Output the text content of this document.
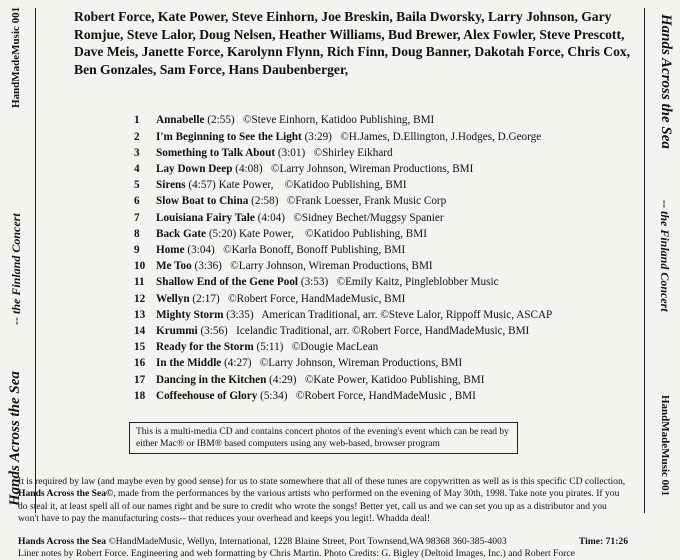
Hands Across the Sea
-- the Finland Concert
HandMadeMusic 001	Hands Across the Sea
-- the Finland Concert
HandMadeMusic 001
Robert Force, Kate Power, Steve Einhorn, Joe Breskin, Baila Dworsky, Larry Johnson, Gary Romjue, Steve Lalor, Doug Nelsen, Heather Williams, Bud Brewer, Alex Fowler, Steve Prescott, Dave Meis, Janette Force, Karolynn Flynn, Rich Finn, Doug Banner, Dakotah Force, Chris Cox, Ben Gonzales, Sam Force, Hans Daubenberger,
1	Annabelle (2:55)   ©Steve Einhorn, Katidoo Publishing, BMI
2	I'm Beginning to See the Light (3:29)   ©H.James, D.Ellington, J.Hodges, D.George
3	Something to Talk About (3:01)   ©Shirley Eikhard
4	Lay Down Deep (4:08)   ©Larry Johnson, Wireman Productions, BMI
5	Sirens (4:57) Kate Power,    ©Katidoo Publishing, BMI
6	Slow Boat to China (2:58)   ©Frank Loesser, Frank Music Corp
7	Louisiana Fairy Tale (4:04)   ©Sidney Bechet/Muggsy Spanier
8	Back Gate (5:20) Kate Power,    ©Katidoo Publishing, BMI
9	Home (3:04)   ©Karla Bonoff, Bonoff Publishing, BMI
10 Me Too (3:36)   ©Larry Johnson, Wireman Productions, BMI
11	Shallow End of the Gene Pool (3:53)   ©Emily Kaitz, Pingleblobber Music
12 Wellyn (2:17)   ©Robert Force, HandMadeMusic, BMI
13 Mighty Storm (3:35)   American Traditional, arr. ©Steve Lalor, Rippoff Music, ASCAP
14 Krummi (3:56)   Icelandic Traditional, arr. ©Robert Force, HandMadeMusic, BMI
15 Ready for the Storm (5:11)   ©Dougie MacLean
16 In the Middle (4:27)   ©Larry Johnson, Wireman Productions, BMI
17 Dancing in the Kitchen (4:29)   ©Kate Power, Katidoo Publishing, BMI
18 Coffeehouse of Glory (5:34)   ©Robert Force, HandMadeMusic , BMI
This is a multi-media CD and contains concert photos of the evening's event which can be read by either Mac® or IBM® based computers using any web-based, browser program
It is required by law (and maybe even by good sense) for us to state somewhere that all of these tunes are copywritten as well as is this specific CD collection, Hands Across the Sea©, made from the performances by the various artists who performed on the evening of May 30th, 1998. Take note you pirates. If you do steal it, at least spell all of our names right and be sure to credit who wrote the songs! Better yet, call us and we can set you up as a distributor and you won't have to pay the manufacturing costs-- that reduces your overhead and keeps you legit!. Whadda deal!
Hands Across the Sea ©HandMadeMusic, Wellyn, International, 1228 Blaine Street, Port Townsend,WA 98368 360-385-4003	Time: 71:26
Liner notes by Robert Force. Engineering and web formatting by Chris Martin. Photo Credits: G. Bigley (Deltoid Images, Inc.) and Robert Force
